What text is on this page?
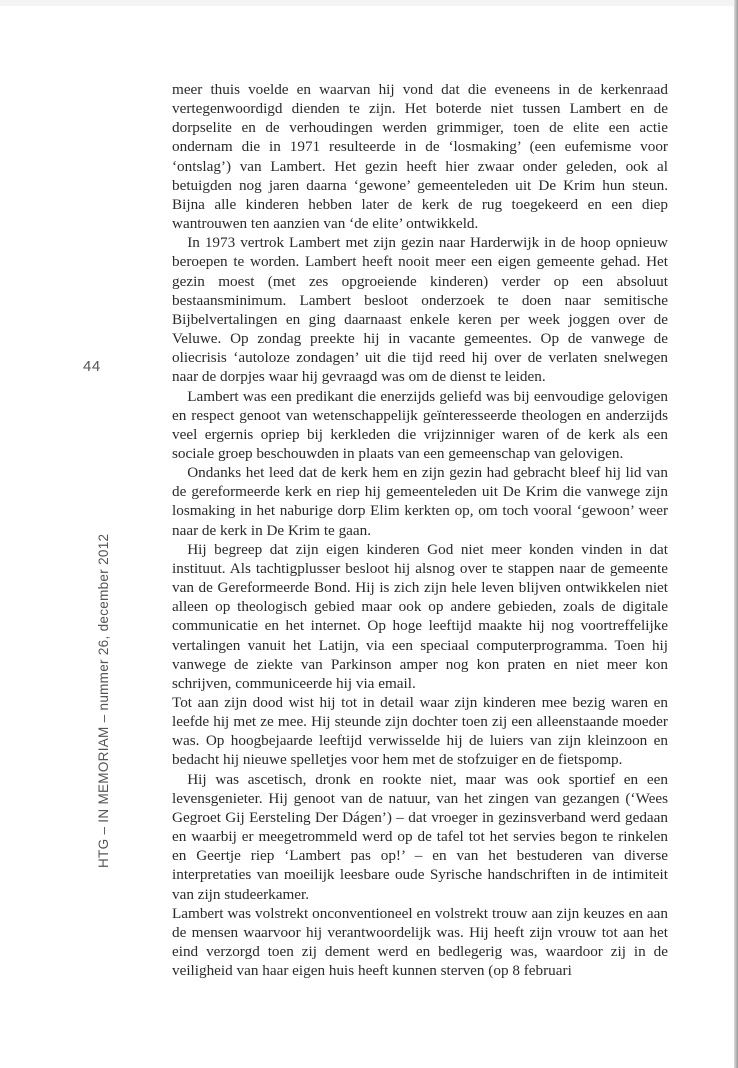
44
HTG – IN MEMORIAM – nummer 26, december 2012

meer thuis voelde en waarvan hij vond dat die eveneens in de kerkenraad vertegenwoordigd dienden te zijn. Het boterde niet tussen Lambert en de dorpselite en de verhoudingen werden grimmiger, toen de elite een actie ondernam die in 1971 resulteerde in de ‘losmaking’ (een eufemisme voor ‘ontslag’) van Lambert. Het gezin heeft hier zwaar onder geleden, ook al betuigden nog jaren daarna ‘gewone’ gemeenteleden uit De Krim hun steun. Bijna alle kinderen hebben later de kerk de rug toegekeerd en een diep wantrouwen ten aanzien van ‘de elite’ ontwikkeld.

In 1973 vertrok Lambert met zijn gezin naar Harderwijk in de hoop opnieuw beroepen te worden. Lambert heeft nooit meer een eigen gemeente gehad. Het gezin moest (met zes opgroeiende kinderen) verder op een absoluut bestaansminimum. Lambert besloot onderzoek te doen naar semitische Bijbelvertalingen en ging daarnaast enkele keren per week joggen over de Veluwe. Op zondag preekte hij in vacante gemeentes. Op de vanwege de oliecrisis ‘autoloze zondagen’ uit die tijd reed hij over de verlaten snelwegen naar de dorpjes waar hij gevraagd was om de dienst te leiden.

Lambert was een predikant die enerzijds geliefd was bij eenvoudige gelovigen en respect genoot van wetenschappelijk geïnteresseerde theologen en anderzijds veel ergernis opriep bij kerkleden die vrijzinniger waren of de kerk als een sociale groep beschouwden in plaats van een gemeenschap van gelovigen.

Ondanks het leed dat de kerk hem en zijn gezin had gebracht bleef hij lid van de gereformeerde kerk en riep hij gemeenteleden uit De Krim die vanwege zijn losmaking in het naburige dorp Elim kerkten op, om toch vooral ‘gewoon’ weer naar de kerk in De Krim te gaan.

Hij begreep dat zijn eigen kinderen God niet meer konden vinden in dat instituut. Als tachtigplusser besloot hij alsnog over te stappen naar de gemeente van de Gereformeerde Bond. Hij is zich zijn hele leven blijven ontwikkelen niet alleen op theologisch gebied maar ook op andere gebieden, zoals de digitale communicatie en het internet. Op hoge leeftijd maakte hij nog voortreffelijke vertalingen vanuit het Latijn, via een speciaal computerprogramma. Toen hij vanwege de ziekte van Parkinson amper nog kon praten en niet meer kon schrijven, communiceerde hij via email.

Tot aan zijn dood wist hij tot in detail waar zijn kinderen mee bezig waren en leefde hij met ze mee. Hij steunde zijn dochter toen zij een alleenstaande moeder was. Op hoogbejaarde leeftijd verwisselde hij de luiers van zijn kleinzoon en bedacht hij nieuwe spelletjes voor hem met de stofzuiger en de fietspomp.

Hij was ascetisch, dronk en rookte niet, maar was ook sportief en een levensgenieter. Hij genoot van de natuur, van het zingen van gezangen (‘Wees Gegroet Gij Eersteling Der Dágen’) – dat vroeger in gezinsverband werd gedaan en waarbij er meegetrommeld werd op de tafel tot het servies begon te rinkelen en Geertje riep ‘Lambert pas op!’ – en van het bestuderen van diverse interpretaties van moeilijk leesbare oude Syrische handschriften in de intimiteit van zijn studeerkamer.

Lambert was volstrekt onconventioneel en volstrekt trouw aan zijn keuzes en aan de mensen waarvoor hij verantwoordelijk was. Hij heeft zijn vrouw tot aan het eind verzorgd toen zij dement werd en bedlegerig was, waardoor zij in de veiligheid van haar eigen huis heeft kunnen sterven (op 8 februari
